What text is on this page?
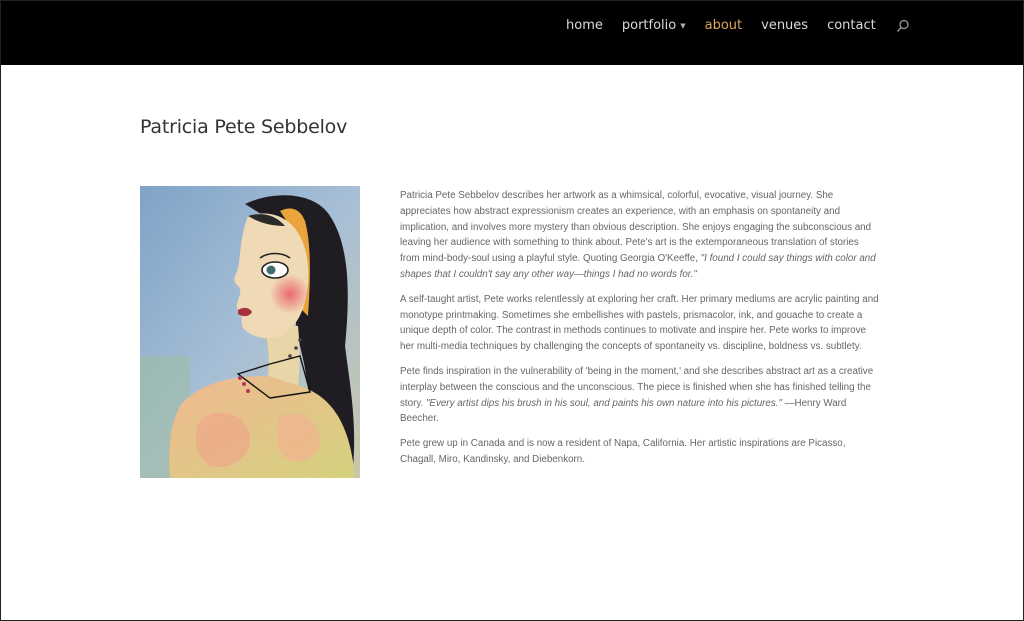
home portfolio ▼ about venues contact
Patricia Pete Sebbelov

Patricia Pete Sebbelov describes her artwork as a whimsical, colorful, evocative, visual journey. She appreciates how abstract expressionism creates an experience, with an emphasis on spontaneity and implication, and involves more mystery than obvious description. She enjoys engaging the subconscious and leaving her audience with something to think about. Pete's art is the extemporaneous translation of stories from mind-body-soul using a playful style. Quoting Georgia O'Keeffe, "I found I could say things with color and shapes that I couldn't say any other way—things I had no words for."

A self-taught artist, Pete works relentlessly at exploring her craft. Her primary mediums are acrylic painting and monotype printmaking. Sometimes she embellishes with pastels, prismacolor, ink, and gouache to create a unique depth of color. The contrast in methods continues to motivate and inspire her. Pete works to improve her multi-media techniques by challenging the concepts of spontaneity vs. discipline, boldness vs. subtlety.

Pete finds inspiration in the vulnerability of 'being in the moment,' and she describes abstract art as a creative interplay between the conscious and the unconscious. The piece is finished when she has finished telling the story. "Every artist dips his brush in his soul, and paints his own nature into his pictures." —Henry Ward Beecher.

Pete grew up in Canada and is now a resident of Napa, California. Her artistic inspirations are Picasso, Chagall, Miro, Kandinsky, and Diebenkorn.
